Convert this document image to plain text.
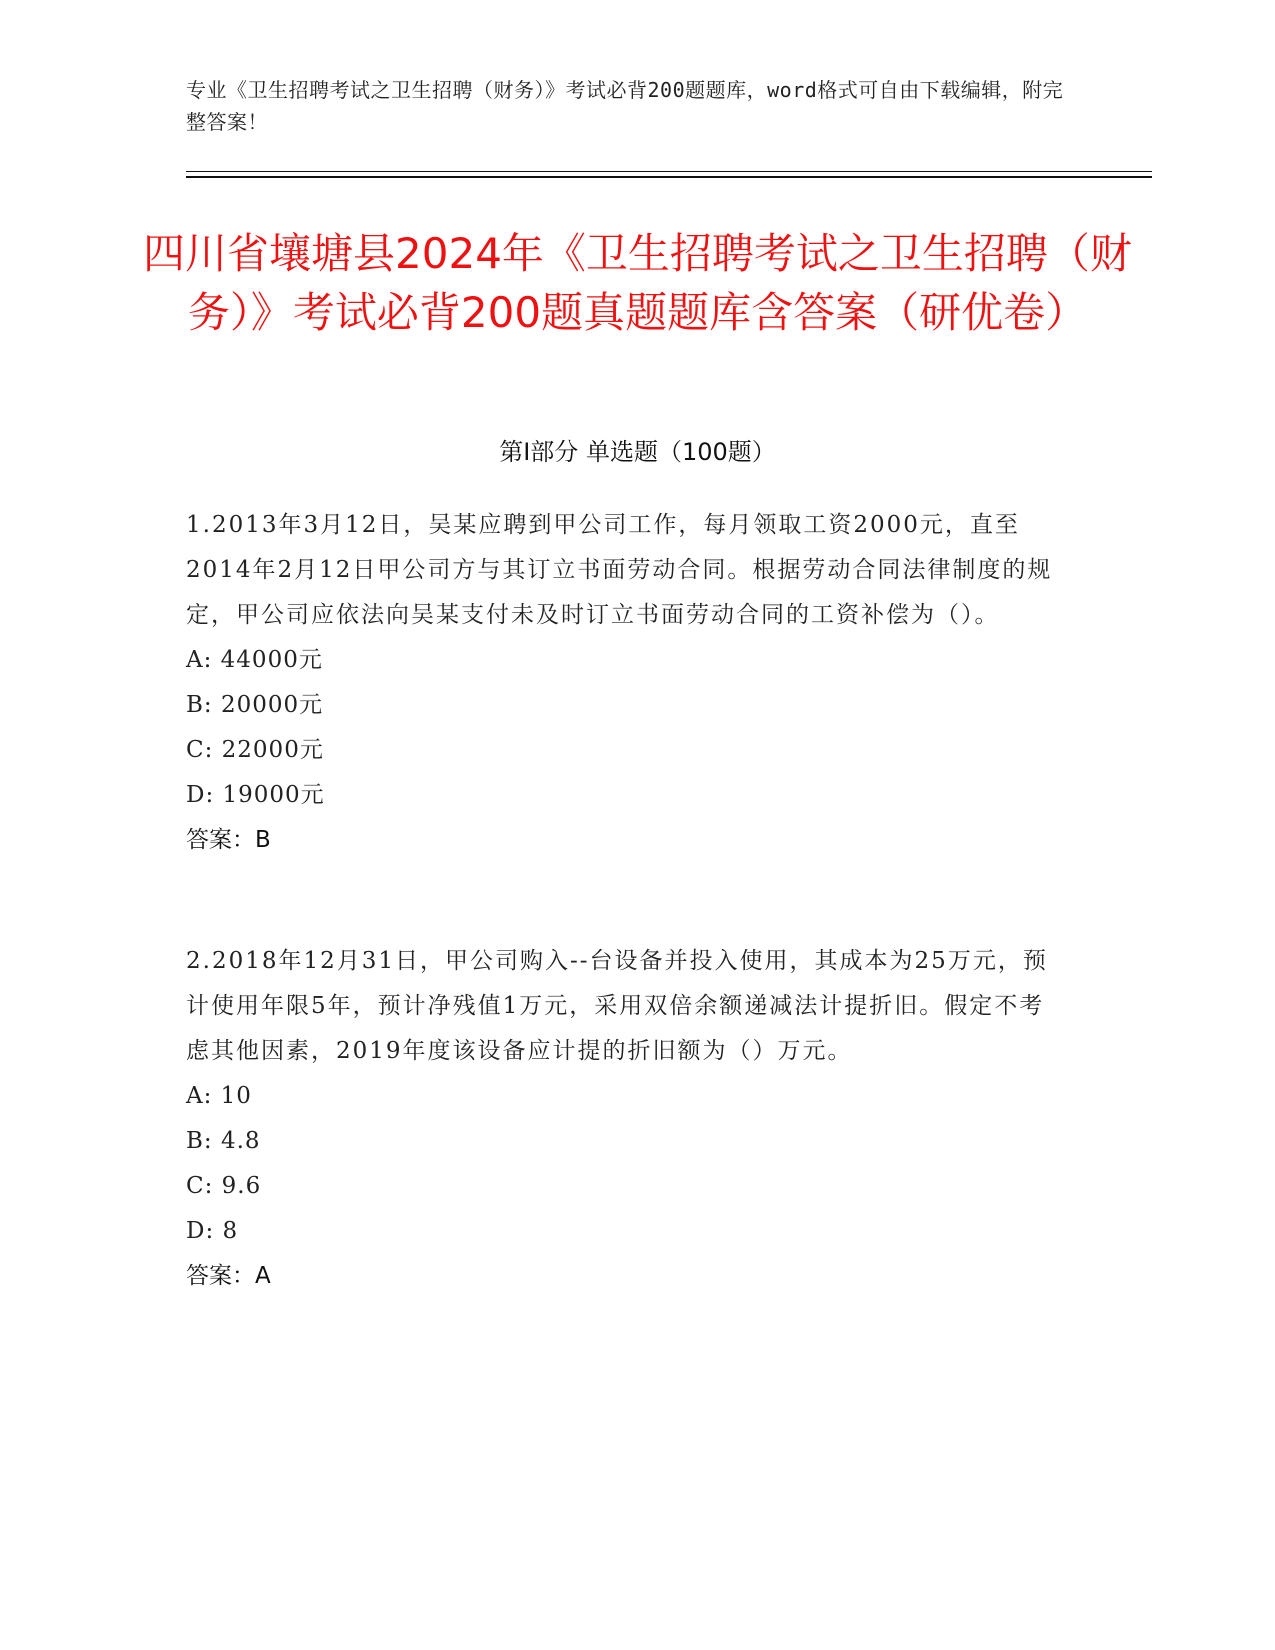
专业《卫生招聘考试之卫生招聘（财务）》考试必背200题题库，word格式可自由下载编辑，附完整答案！
四川省壤塘县2024年《卫生招聘考试之卫生招聘（财务）》考试必背200题真题题库含答案（研优卷）
第I部分 单选题（100题）

1.2013年3月12日，吴某应聘到甲公司工作，每月领取工资2000元，直至2014年2月12日甲公司方与其订立书面劳动合同。根据劳动合同法律制度的规定，甲公司应依法向吴某支付未及时订立书面劳动合同的工资补偿为（）。

A: 44000元

B: 20000元

C: 22000元

D: 19000元

答案：B

2.2018年12月31日，甲公司购入--台设备并投入使用，其成本为25万元，预计使用年限5年，预计净残值1万元，采用双倍余额递减法计提折旧。假定不考虑其他因素，2019年度该设备应计提的折旧额为（）万元。

A: 10

B: 4.8

C: 9.6

D: 8

答案：A
